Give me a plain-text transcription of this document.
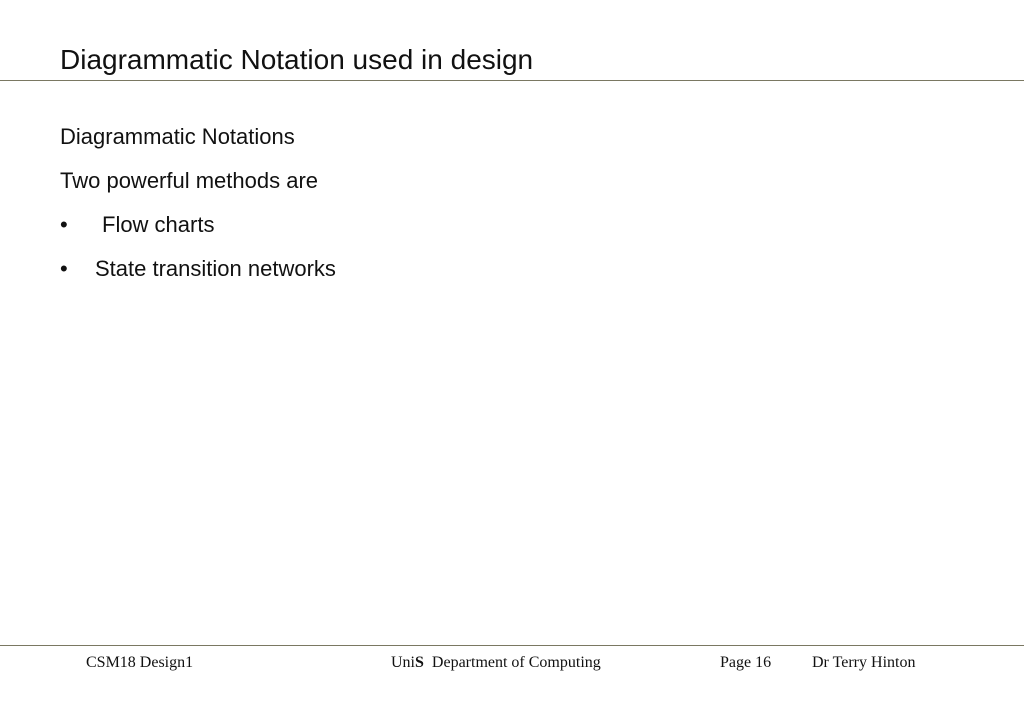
Diagrammatic Notation used in design
Diagrammatic Notations
Two powerful methods are
• Flow charts
• State transition networks
CSM18 Design1	UniS Department of Computing	Page 16	Dr Terry Hinton
